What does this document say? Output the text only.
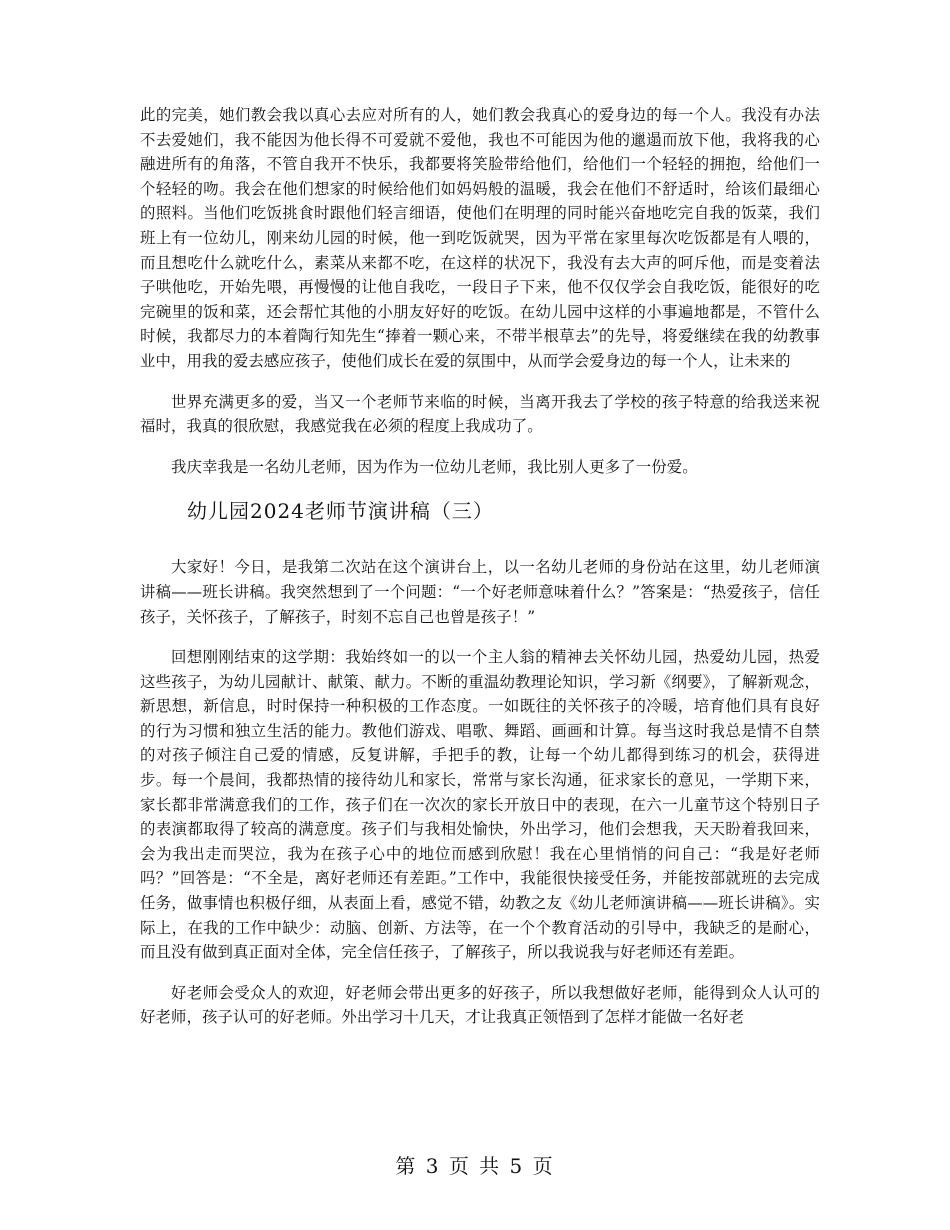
此的完美，她们教会我以真心去应对所有的人，她们教会我真心的爱身边的每一个人。我没有办法不去爱她们，我不能因为他长得不可爱就不爱他，我也不可能因为他的邋遢而放下他，我将我的心融进所有的角落，不管自我开不快乐，我都要将笑脸带给他们，给他们一个轻轻的拥抱，给他们一个轻轻的吻。我会在他们想家的时候给他们如妈妈般的温暖，我会在他们不舒适时，给该们最细心的照料。当他们吃饭挑食时跟他们轻言细语，使他们在明理的同时能兴奋地吃完自我的饭菜，我们班上有一位幼儿，刚来幼儿园的时候，他一到吃饭就哭，因为平常在家里每次吃饭都是有人喂的，而且想吃什么就吃什么，素菜从来都不吃，在这样的状况下，我没有去大声的呵斥他，而是变着法子哄他吃，开始先喂，再慢慢的让他自我吃，一段日子下来，他不仅仅学会自我吃饭，能很好的吃完碗里的饭和菜，还会帮忙其他的小朋友好好的吃饭。在幼儿园中这样的小事遍地都是，不管什么时候，我都尽力的本着陶行知先生“捧着一颗心来，不带半根草去”的先导，将爱继续在我的幼教事业中，用我的爱去感应孩子，使他们成长在爱的氛围中，从而学会爱身边的每一个人，让未来的

世界充满更多的爱，当又一个老师节来临的时候，当离开我去了学校的孩子特意的给我送来祝福时，我真的很欣慰，我感觉我在必须的程度上我成功了。

我庆幸我是一名幼儿老师，因为作为一位幼儿老师，我比别人更多了一份爱。

幼儿园2024老师节演讲稿（三）

大家好！今日，是我第二次站在这个演讲台上，以一名幼儿老师的身份站在这里，幼儿老师演讲稿——班长讲稿。我突然想到了一个问题：“一个好老师意味着什么？”答案是：“热爱孩子，信任孩子，关怀孩子，了解孩子，时刻不忘自己也曾是孩子！”

回想刚刚结束的这学期：我始终如一的以一个主人翁的精神去关怀幼儿园，热爱幼儿园，热爱这些孩子，为幼儿园献计、献策、献力。不断的重温幼教理论知识，学习新《纲要》，了解新观念，新思想，新信息，时时保持一种积极的工作态度。一如既往的关怀孩子的冷暖，培育他们具有良好的行为习惯和独立生活的能力。教他们游戏、唱歌、舞蹈、画画和计算。每当这时我总是情不自禁的对孩子倾注自己爱的情感，反复讲解，手把手的教，让每一个幼儿都得到练习的机会，获得进步。每一个晨间，我都热情的接待幼儿和家长，常常与家长沟通，征求家长的意见，一学期下来，家长都非常满意我们的工作，孩子们在一次次的家长开放日中的表现，在六一儿童节这个特别日子的表演都取得了较高的满意度。孩子们与我相处愉快，外出学习，他们会想我，天天盼着我回来，会为我出走而哭泣，我为在孩子心中的地位而感到欣慰！我在心里悄悄的问自己：“我是好老师吗？”回答是：“不全是，离好老师还有差距。”工作中，我能很快接受任务，并能按部就班的去完成任务，做事情也积极仔细，从表面上看，感觉不错，幼教之友《幼儿老师演讲稿——班长讲稿》。实际上，在我的工作中缺少：动脑、创新、方法等，在一个个教育活动的引导中，我缺乏的是耐心，而且没有做到真正面对全体，完全信任孩子，了解孩子，所以我说我与好老师还有差距。

好老师会受众人的欢迎，好老师会带出更多的好孩子，所以我想做好老师，能得到众人认可的好老师，孩子认可的好老师。外出学习十几天，才让我真正领悟到了怎样才能做一名好老

第 3 页 共 5 页
